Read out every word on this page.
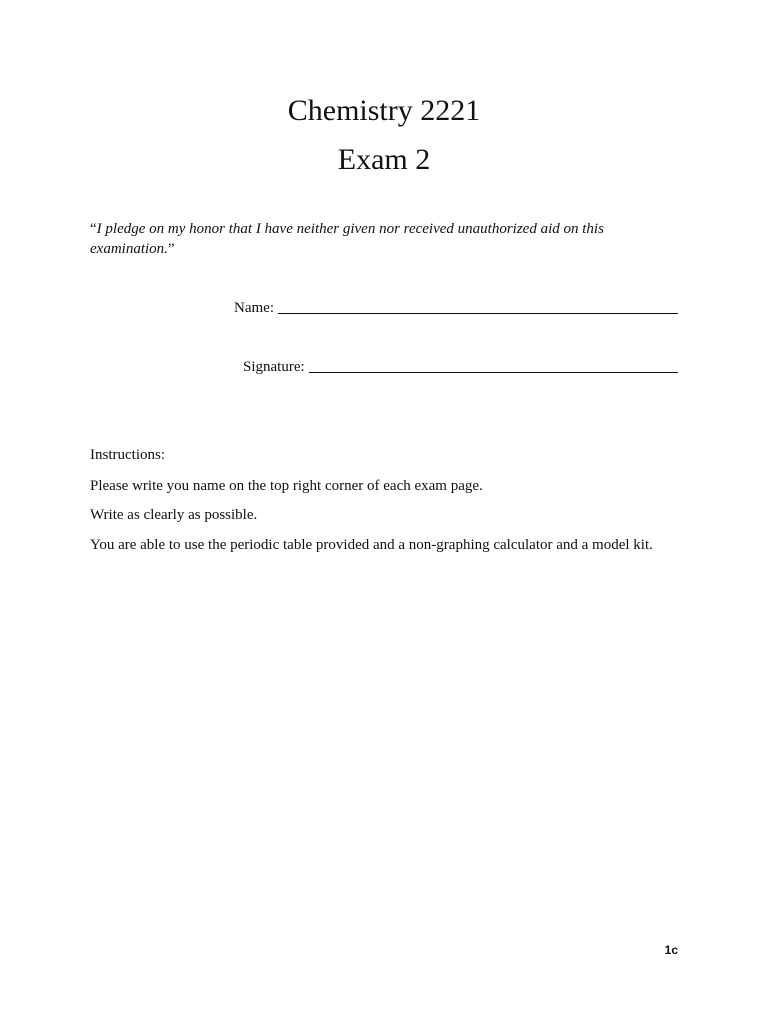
Chemistry 2221
Exam 2
“I pledge on my honor that I have neither given nor received unauthorized aid on this examination.”
Name:
Signature:
Instructions:
Please write you name on the top right corner of each exam page.
Write as clearly as possible.
You are able to use the periodic table provided and a non-graphing calculator and a model kit.
1c
